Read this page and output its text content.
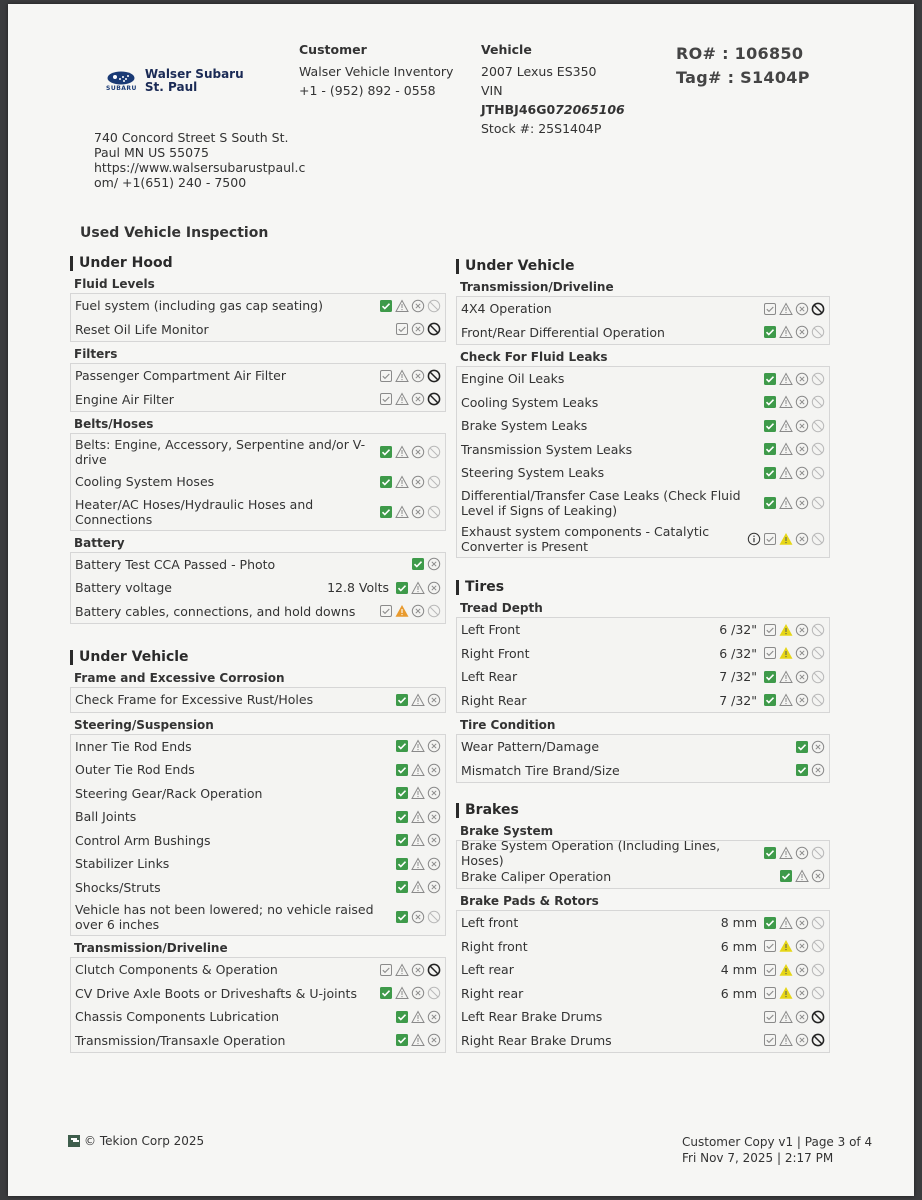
SUBARU
Walser Subaru
St. Paul
Customer
Walser Vehicle Inventory
+1 - (952) 892 - 0558
Vehicle
2007 Lexus ES350
VIN
JTHBJ46G072065106
Stock #: 25S1404P
RO# : 106850
Tag# : S1404P
740 Concord Street S South St.
Paul MN US 55075
https://www.walsersubarustpaul.c
om/ +1(651) 240 - 7500
Used Vehicle Inspection
Under Hood
Fluid Levels
Fuel system (including gas cap seating)
Reset Oil Life Monitor
Filters
Passenger Compartment Air Filter
Engine Air Filter
Belts/Hoses
Belts: Engine, Accessory, Serpentine and/or V-drive
Cooling System Hoses
Heater/AC Hoses/Hydraulic Hoses and Connections
Battery
Battery Test CCA Passed - Photo
Battery voltage	12.8 Volts
Battery cables, connections, and hold downs
Under Vehicle
Frame and Excessive Corrosion
Check Frame for Excessive Rust/Holes
Steering/Suspension
Inner Tie Rod Ends
Outer Tie Rod Ends
Steering Gear/Rack Operation
Ball Joints
Control Arm Bushings
Stabilizer Links
Shocks/Struts
Vehicle has not been lowered; no vehicle raised over 6 inches
Transmission/Driveline
Clutch Components & Operation
CV Drive Axle Boots or Driveshafts & U-joints
Chassis Components Lubrication
Transmission/Transaxle Operation
Under Vehicle
Transmission/Driveline
4X4 Operation
Front/Rear Differential Operation
Check For Fluid Leaks
Engine Oil Leaks
Cooling System Leaks
Brake System Leaks
Transmission System Leaks
Steering System Leaks
Differential/Transfer Case Leaks (Check Fluid Level if Signs of Leaking)
Exhaust system components - Catalytic Converter is Present
Tires
Tread Depth
Left Front	6 /32"
Right Front	6 /32"
Left Rear	7 /32"
Right Rear	7 /32"
Tire Condition
Wear Pattern/Damage
Mismatch Tire Brand/Size
Brakes
Brake System
Brake System Operation (Including Lines, Hoses)
Brake Caliper Operation
Brake Pads & Rotors
Left front	8 mm
Right front	6 mm
Left rear	4 mm
Right rear	6 mm
Left Rear Brake Drums
Right Rear Brake Drums
© Tekion Corp 2025	Customer Copy v1 | Page 3 of 4
Fri Nov 7, 2025 | 2:17 PM
